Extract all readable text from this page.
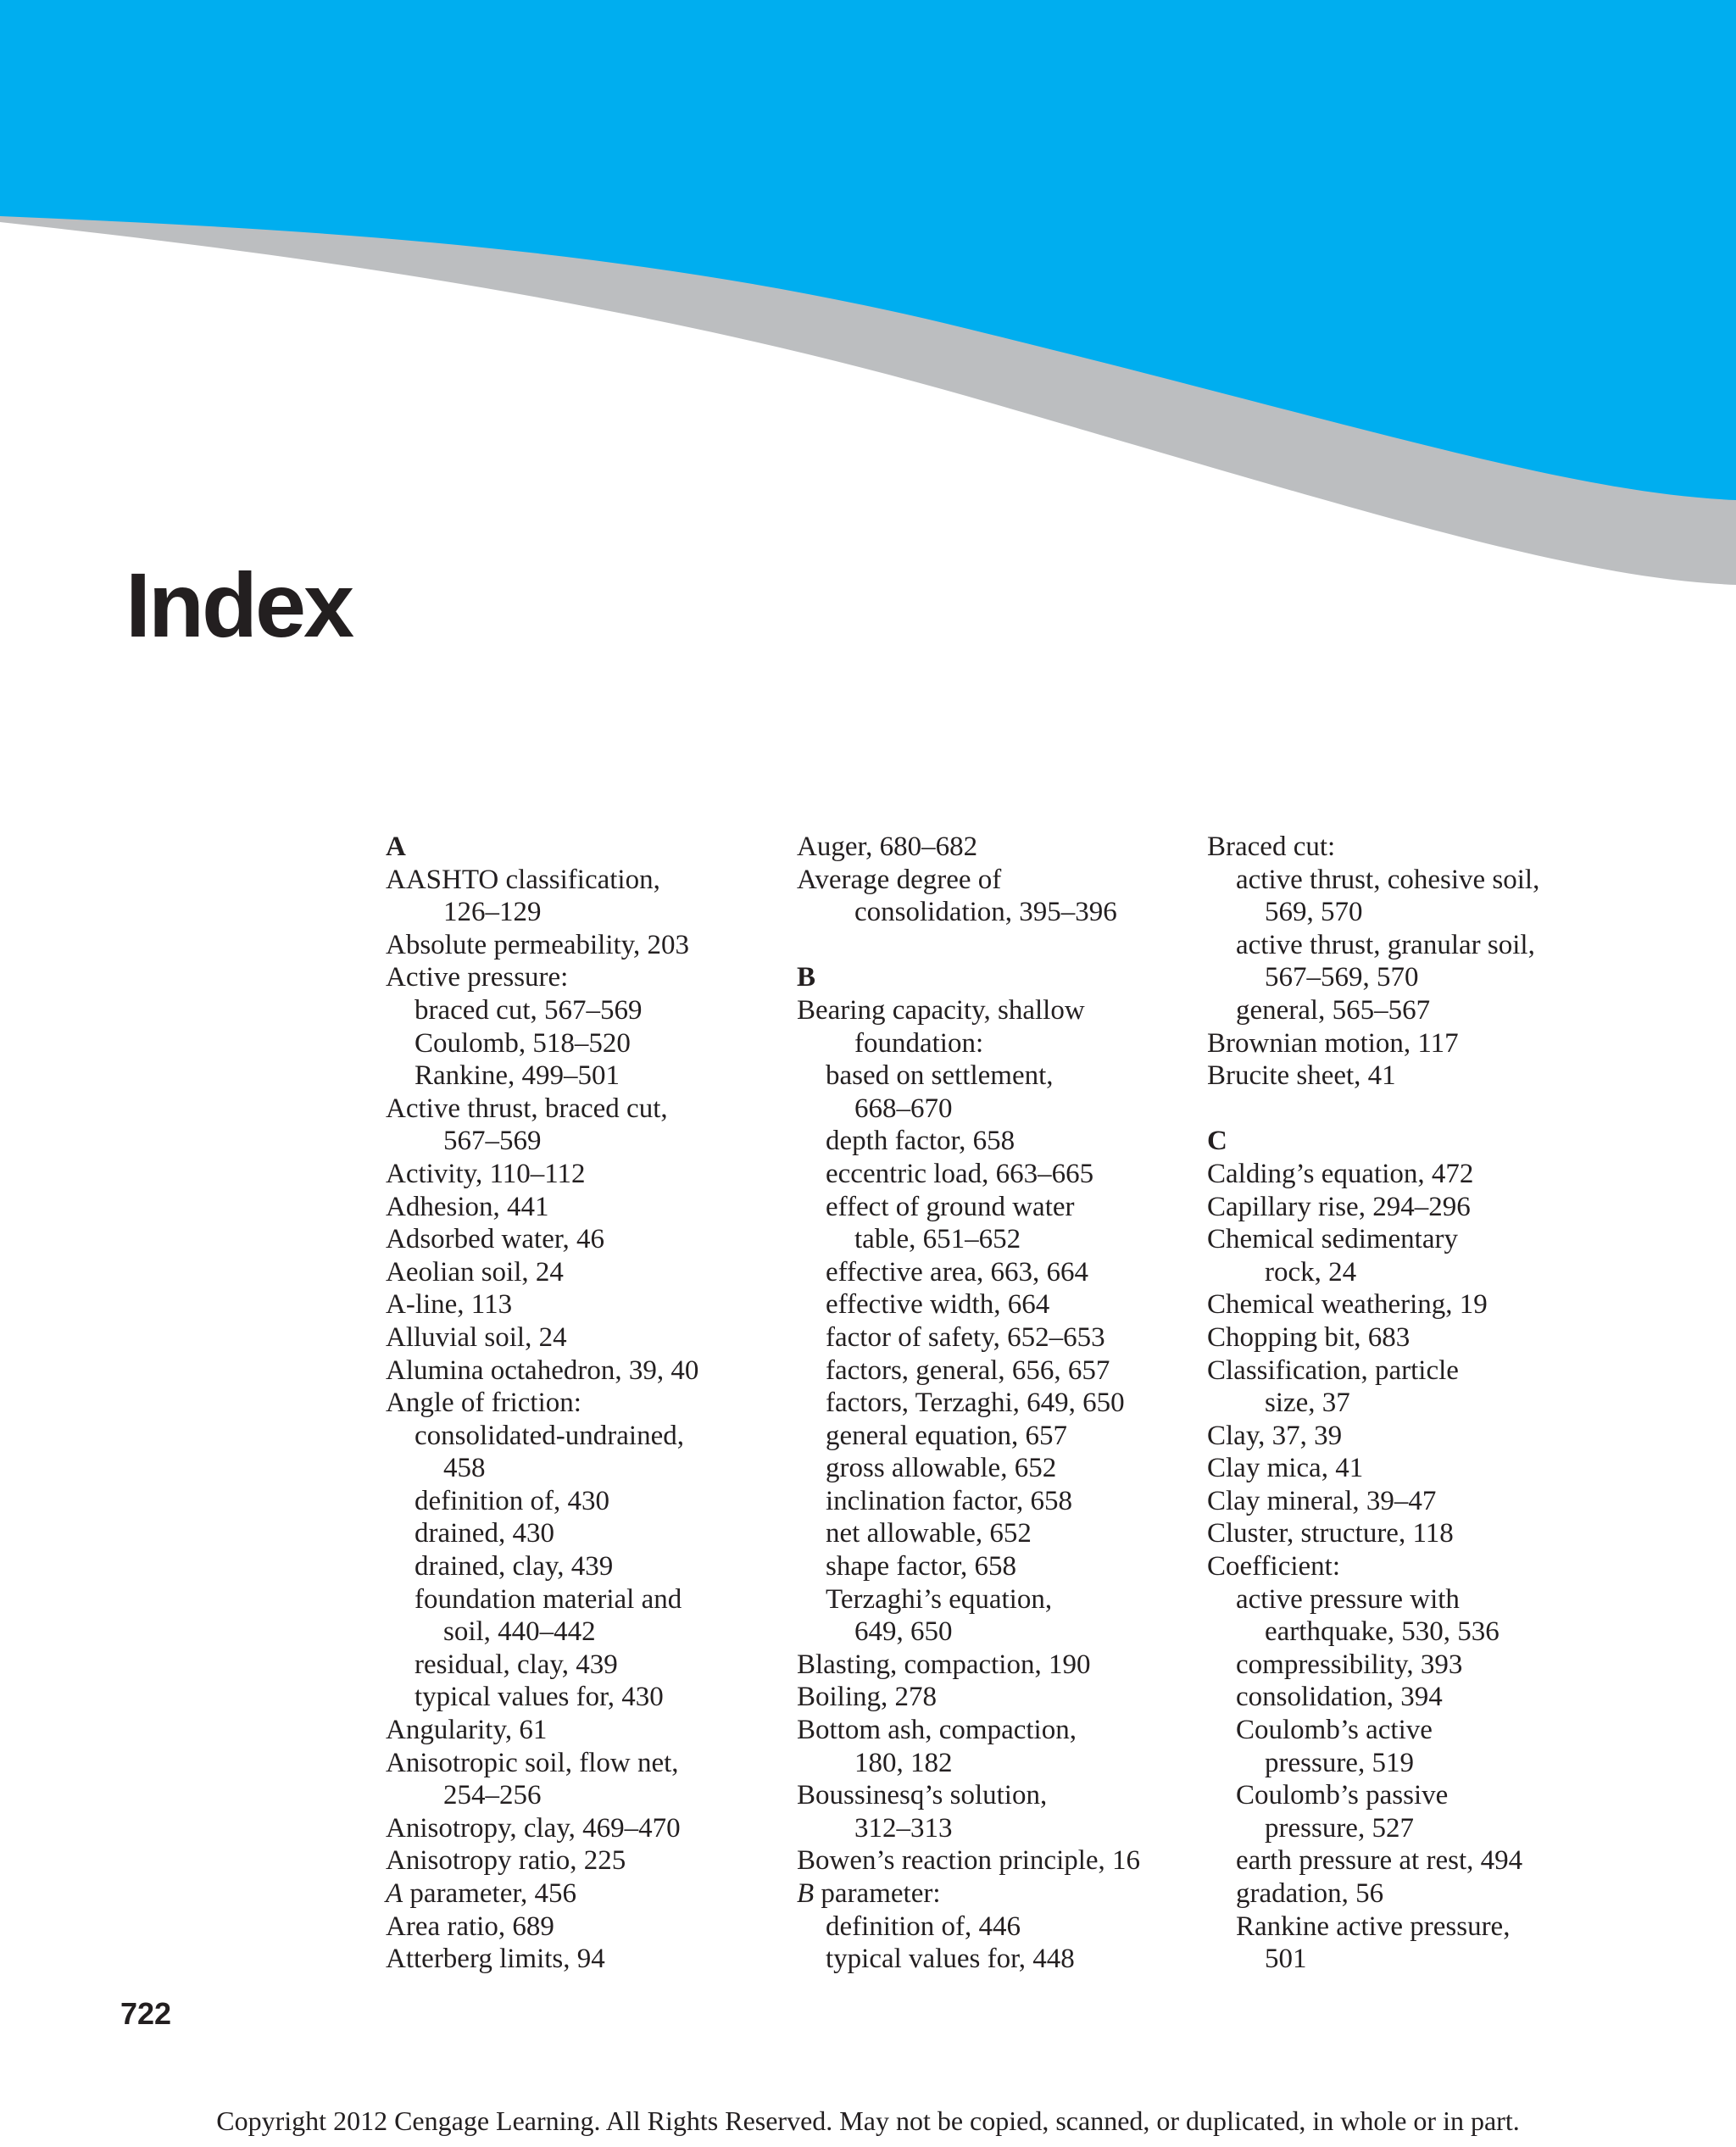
Index
A
AASHTO classification,
126–129
Absolute permeability, 203
Active pressure:
braced cut, 567–569
Coulomb, 518–520
Rankine, 499–501
Active thrust, braced cut,
567–569
Activity, 110–112
Adhesion, 441
Adsorbed water, 46
Aeolian soil, 24
A-line, 113
Alluvial soil, 24
Alumina octahedron, 39, 40
Angle of friction:
consolidated-undrained,
458
definition of, 430
drained, 430
drained, clay, 439
foundation material and
soil, 440–442
residual, clay, 439
typical values for, 430
Angularity, 61
Anisotropic soil, flow net,
254–256
Anisotropy, clay, 469–470
Anisotropy ratio, 225
A parameter, 456
Area ratio, 689
Atterberg limits, 94
Auger, 680–682
Average degree of
consolidation, 395–396
B
Bearing capacity, shallow
foundation:
based on settlement,
668–670
depth factor, 658
eccentric load, 663–665
effect of ground water
table, 651–652
effective area, 663, 664
effective width, 664
factor of safety, 652–653
factors, general, 656, 657
factors, Terzaghi, 649, 650
general equation, 657
gross allowable, 652
inclination factor, 658
net allowable, 652
shape factor, 658
Terzaghi’s equation,
649, 650
Blasting, compaction, 190
Boiling, 278
Bottom ash, compaction,
180, 182
Boussinesq’s solution,
312–313
Bowen’s reaction principle, 16
B parameter:
definition of, 446
typical values for, 448
Braced cut:
active thrust, cohesive soil,
569, 570
active thrust, granular soil,
567–569, 570
general, 565–567
Brownian motion, 117
Brucite sheet, 41
C
Calding’s equation, 472
Capillary rise, 294–296
Chemical sedimentary
rock, 24
Chemical weathering, 19
Chopping bit, 683
Classification, particle
size, 37
Clay, 37, 39
Clay mica, 41
Clay mineral, 39–47
Cluster, structure, 118
Coefficient:
active pressure with
earthquake, 530, 536
compressibility, 393
consolidation, 394
Coulomb’s active
pressure, 519
Coulomb’s passive
pressure, 527
earth pressure at rest, 494
gradation, 56
Rankine active pressure,
501
722
Copyright 2012 Cengage Learning. All Rights Reserved. May not be copied, scanned, or duplicated, in whole or in part.
